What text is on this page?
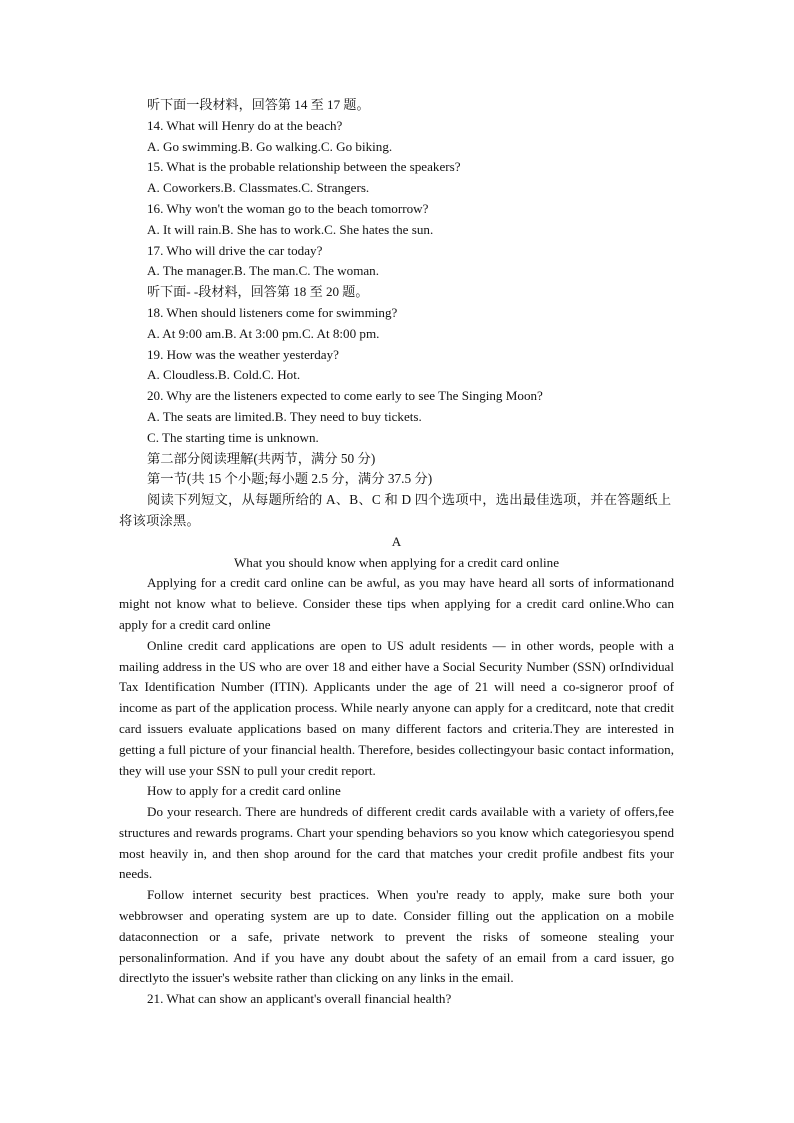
听下面一段材料，回答第 14 至 17 题。

14. What will Henry do at the beach?

A. Go swimming.B. Go walking.C. Go biking.

15. What is the probable relationship between the speakers?

A. Coworkers.B. Classmates.C. Strangers.

16. Why won't the woman go to the beach tomorrow?

A. It will rain.B. She has to work.C. She hates the sun.

17. Who will drive the car today?

A. The manager.B. The man.C. The woman.

听下面- -段材料，回答第 18 至 20 题。

18. When should listeners come for swimming?

A. At 9:00 am.B. At 3:00 pm.C. At 8:00 pm.

19. How was the weather yesterday?

A. Cloudless.B. Cold.C. Hot.

20. Why are the listeners expected to come early to see The Singing Moon?

A. The seats are limited.B. They need to buy tickets.

C. The starting time is unknown.

第二部分阅读理解(共两节，满分 50 分)

第一节(共 15 个小题;每小题 2.5 分，满分 37.5 分)

阅读下列短文，从每题所给的 A、B、C 和 D 四个选项中，选出最佳选项，并在答题纸上将该项涂黑。

A

What you should know when applying for a credit card online

Applying for a credit card online can be awful, as you may have heard all sorts of informationand might not know what to believe. Consider these tips when applying for a credit card online.Who can apply for a credit card online

Online credit card applications are open to US adult residents — in other words, people with a mailing address in the US who are over 18 and either have a Social Security Number (SSN) orIndividual Tax Identification Number (ITIN). Applicants under the age of 21 will need a co-signeror proof of income as part of the application process. While nearly anyone can apply for a creditcard, note that credit card issuers evaluate applications based on many different factors and criteria.They are interested in getting a full picture of your financial health. Therefore, besides collectingyour basic contact information, they will use your SSN to pull your credit report.

How to apply for a credit card online

Do your research. There are hundreds of different credit cards available with a variety of offers,fee structures and rewards programs. Chart your spending behaviors so you know which categoriesyou spend most heavily in, and then shop around for the card that matches your credit profile andbest fits your needs.

Follow internet security best practices. When you're ready to apply, make sure both your webbrowser and operating system are up to date. Consider filling out the application on a mobile dataconnection or a safe, private network to prevent the risks of someone stealing your personalinformation. And if you have any doubt about the safety of an email from a card issuer, go directlyto the issuer's website rather than clicking on any links in the email.

21. What can show an applicant's overall financial health?
